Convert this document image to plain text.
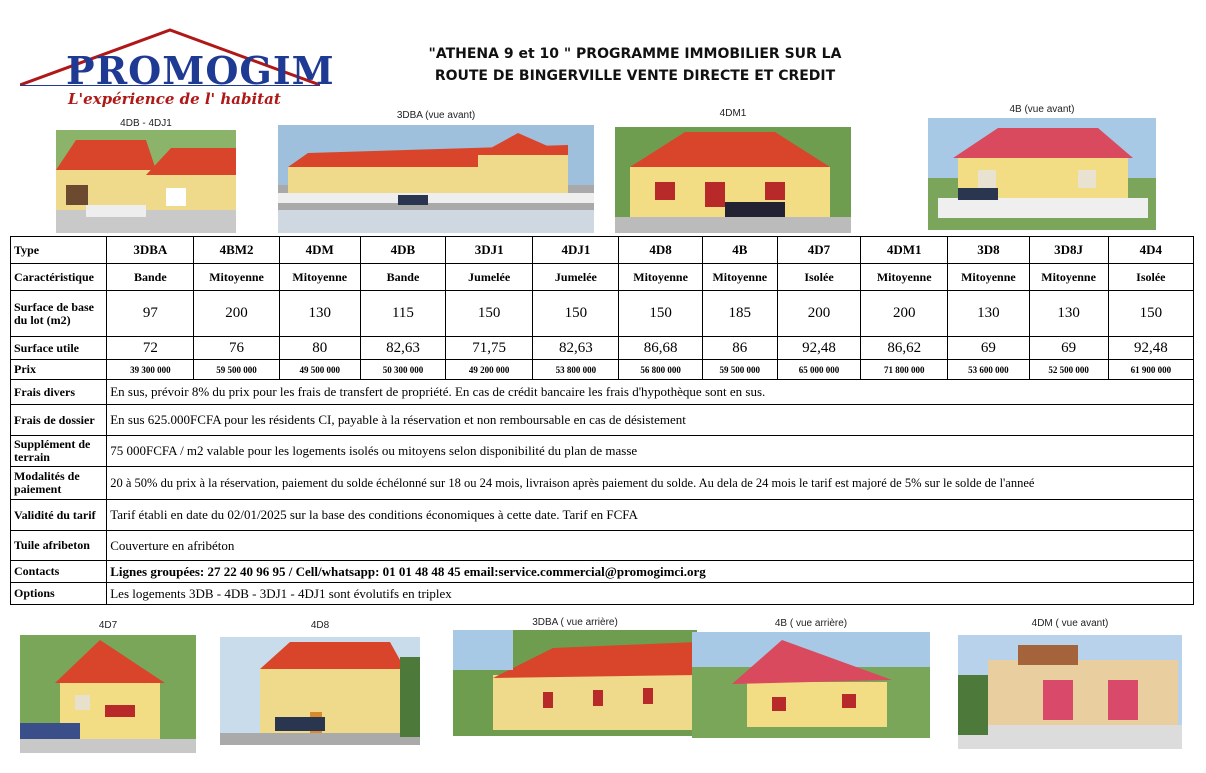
PROMOGIM
L'expérience de l' habitat
"ATHENA 9 et 10 " PROGRAMME IMMOBILIER SUR LA
ROUTE DE BINGERVILLE VENTE DIRECTE ET CREDIT
4DB - 4DJ1
3DBA (vue avant)	4DM1	4B (vue avant)
Type	3DBA	4BM2	4DM	4DB	3DJ1	4DJ1	4D8	4B	4D7	4DM1	3D8	3D8J	4D4
Caractéristique	Bande	Mitoyenne	Mitoyenne	Bande	Jumelée	Jumelée	Mitoyenne	Mitoyenne	Isolée	Mitoyenne	Mitoyenne	Mitoyenne	Isolée
Surface de base du lot (m2)	97	200	130	115	150	150	150	185	200	200	130	130	150
Surface utile	72	76	80	82,63	71,75	82,63	86,68	86	92,48	86,62	69	69	92,48
Prix	39 300 000	59 500 000	49 500 000	50 300 000	49 200 000	53 800 000	56 800 000	59 500 000	65 000 000	71 800 000	53 600 000	52 500 000	61 900 000
Frais divers	En sus, prévoir 8% du prix pour les frais de transfert de propriété. En cas de crédit bancaire les frais d'hypothèque sont en sus.												
Frais de dossier	En sus 625.000FCFA pour les résidents CI, payable à la réservation et non remboursable en cas de désistement												
Supplément de terrain	75 000FCFA / m2 valable pour les logements isolés ou mitoyens selon disponibilité du plan de masse												
Modalités de paiement	20 à 50% du prix à la réservation, paiement du solde échélonné sur 18 ou 24 mois, livraison après paiement du solde. Au dela de 24 mois le tarif est majoré de 5% sur le solde de l'anneé												
Validité du tarif	Tarif établi en date du 02/01/2025 sur la base des conditions économiques à cette date. Tarif en FCFA												
Tuile afribeton	Couverture en afribéton												
Contacts	Lignes groupées: 27 22 40 96 95 / Cell/whatsapp: 01 01 48 48 45 email:service.commercial@promogimci.org												
Options	Les logements 3DB - 4DB - 3DJ1 - 4DJ1 sont évolutifs en triplex												
4D7	4D8	3DBA ( vue arrière)	4B ( vue arrière)	4DM ( vue avant)
